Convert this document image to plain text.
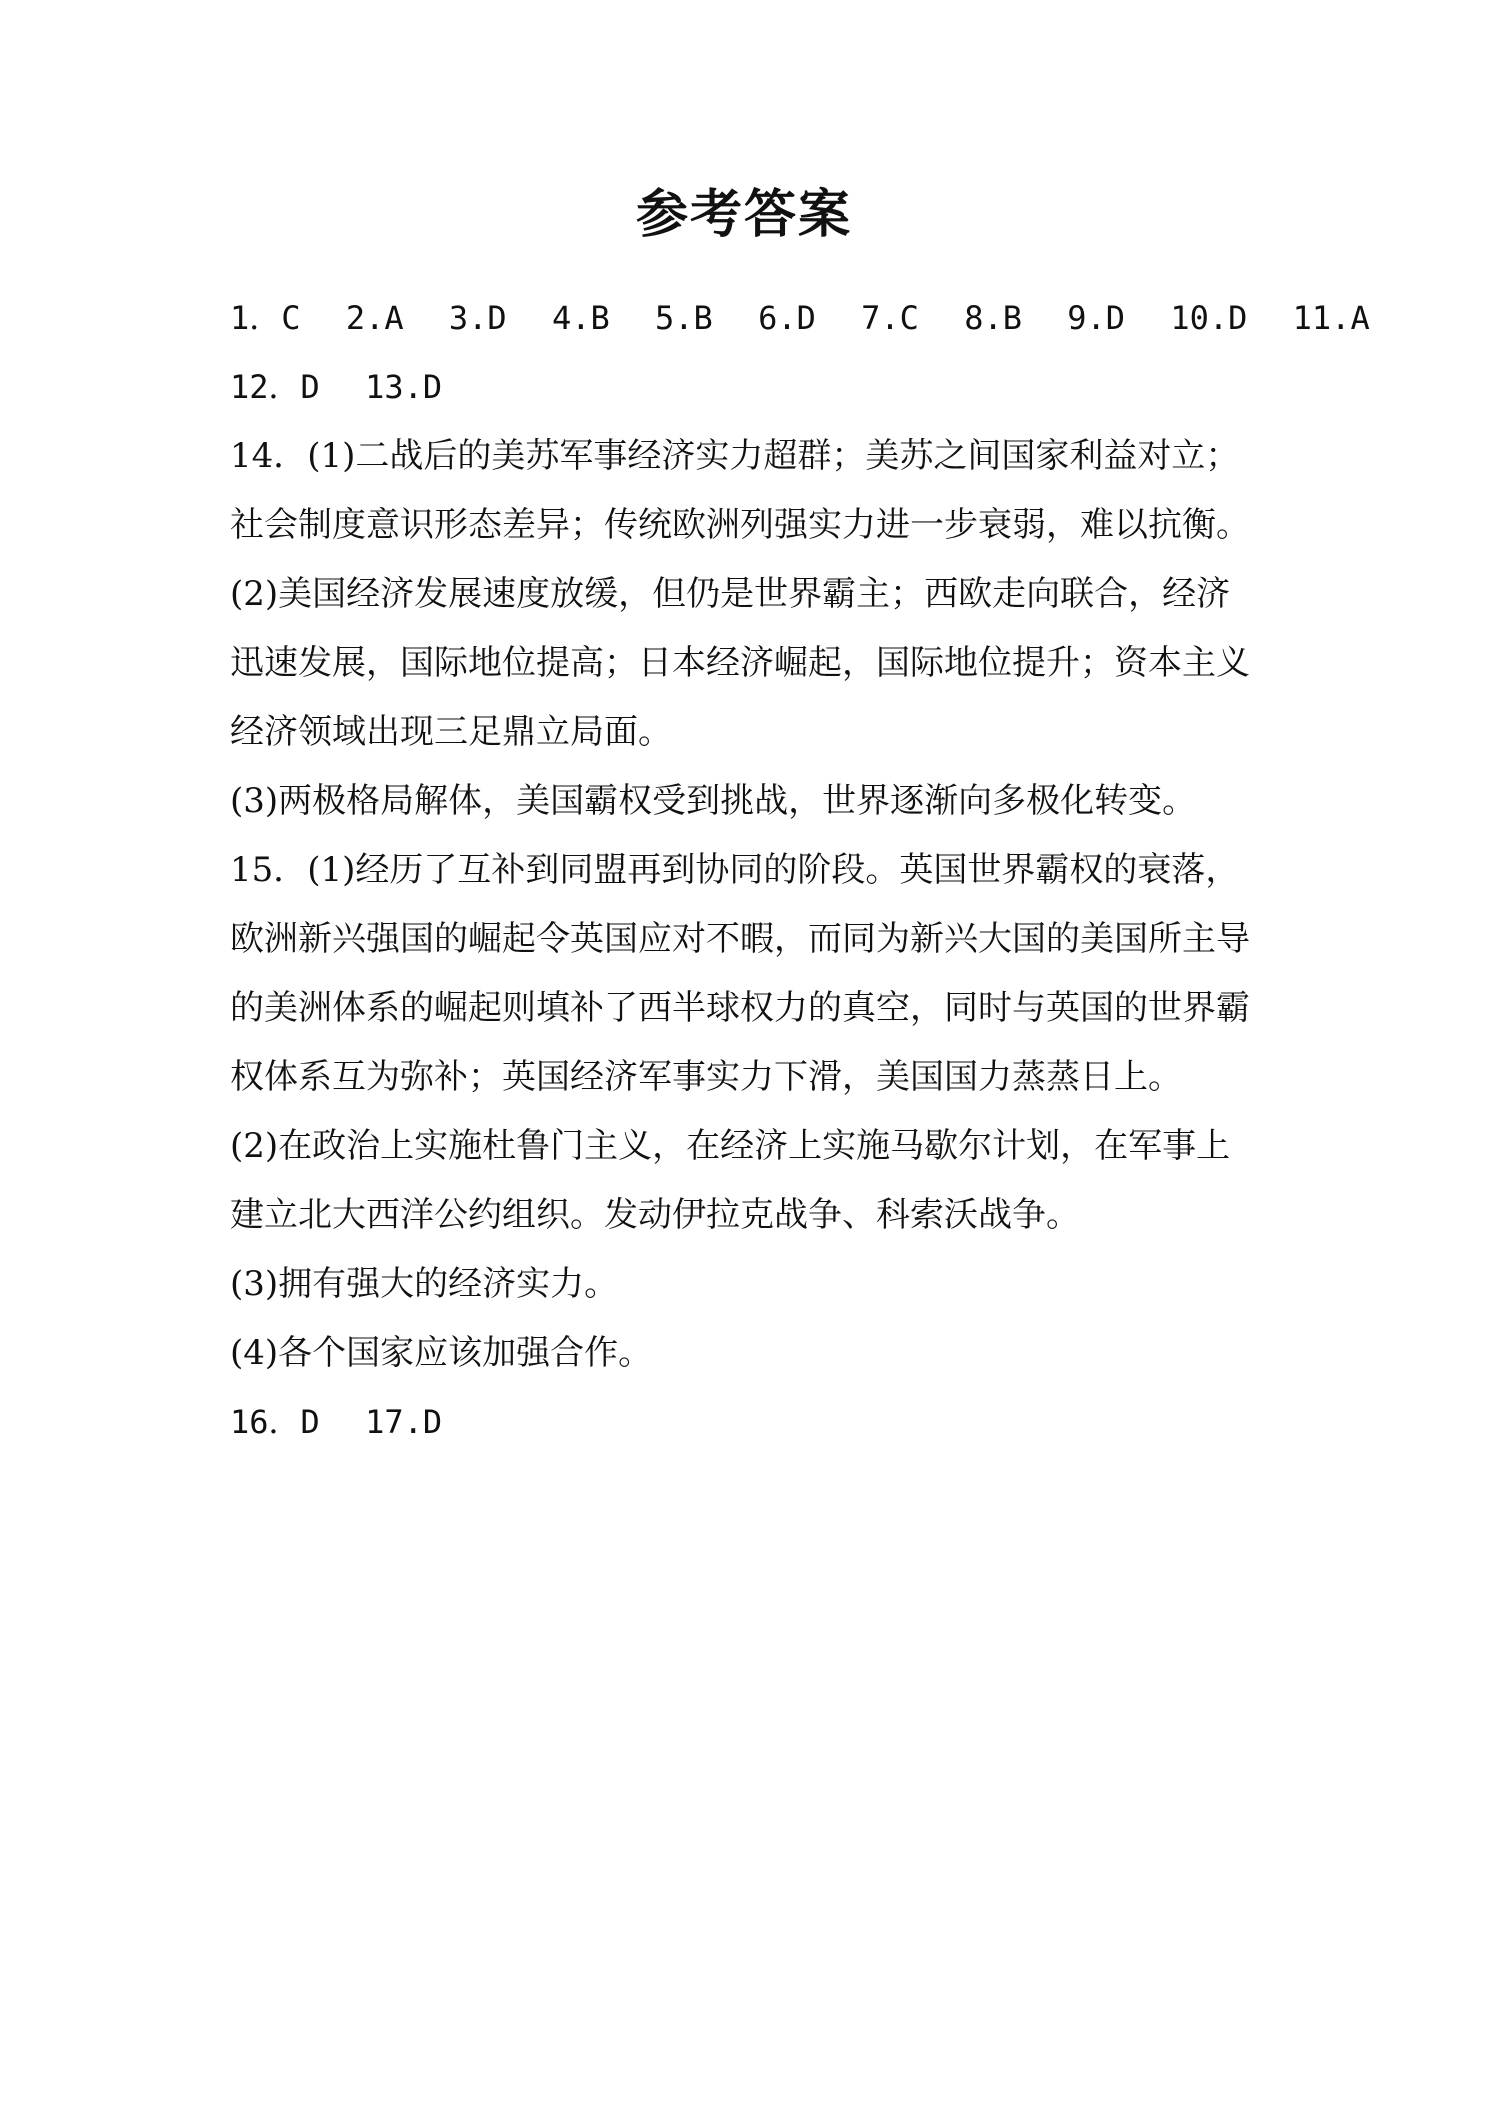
参考答案
1．C 2.A 3.D 4.B 5.B 6.D 7.C 8.B 9.D 10.D 11.A
12．D 13.D
14．(1)二战后的美苏军事经济实力超群；美苏之间国家利益对立；
社会制度意识形态差异；传统欧洲列强实力进一步衰弱，难以抗衡。
(2)美国经济发展速度放缓，但仍是世界霸主；西欧走向联合，经济
迅速发展，国际地位提高；日本经济崛起，国际地位提升；资本主义
经济领域出现三足鼎立局面。
(3)两极格局解体，美国霸权受到挑战，世界逐渐向多极化转变。
15．(1)经历了互补到同盟再到协同的阶段。英国世界霸权的衰落，
欧洲新兴强国的崛起令英国应对不暇，而同为新兴大国的美国所主导
的美洲体系的崛起则填补了西半球权力的真空，同时与英国的世界霸
权体系互为弥补；英国经济军事实力下滑，美国国力蒸蒸日上。
(2)在政治上实施杜鲁门主义，在经济上实施马歇尔计划，在军事上
建立北大西洋公约组织。发动伊拉克战争、科索沃战争。
(3)拥有强大的经济实力。
(4)各个国家应该加强合作。
16．D 17.D
